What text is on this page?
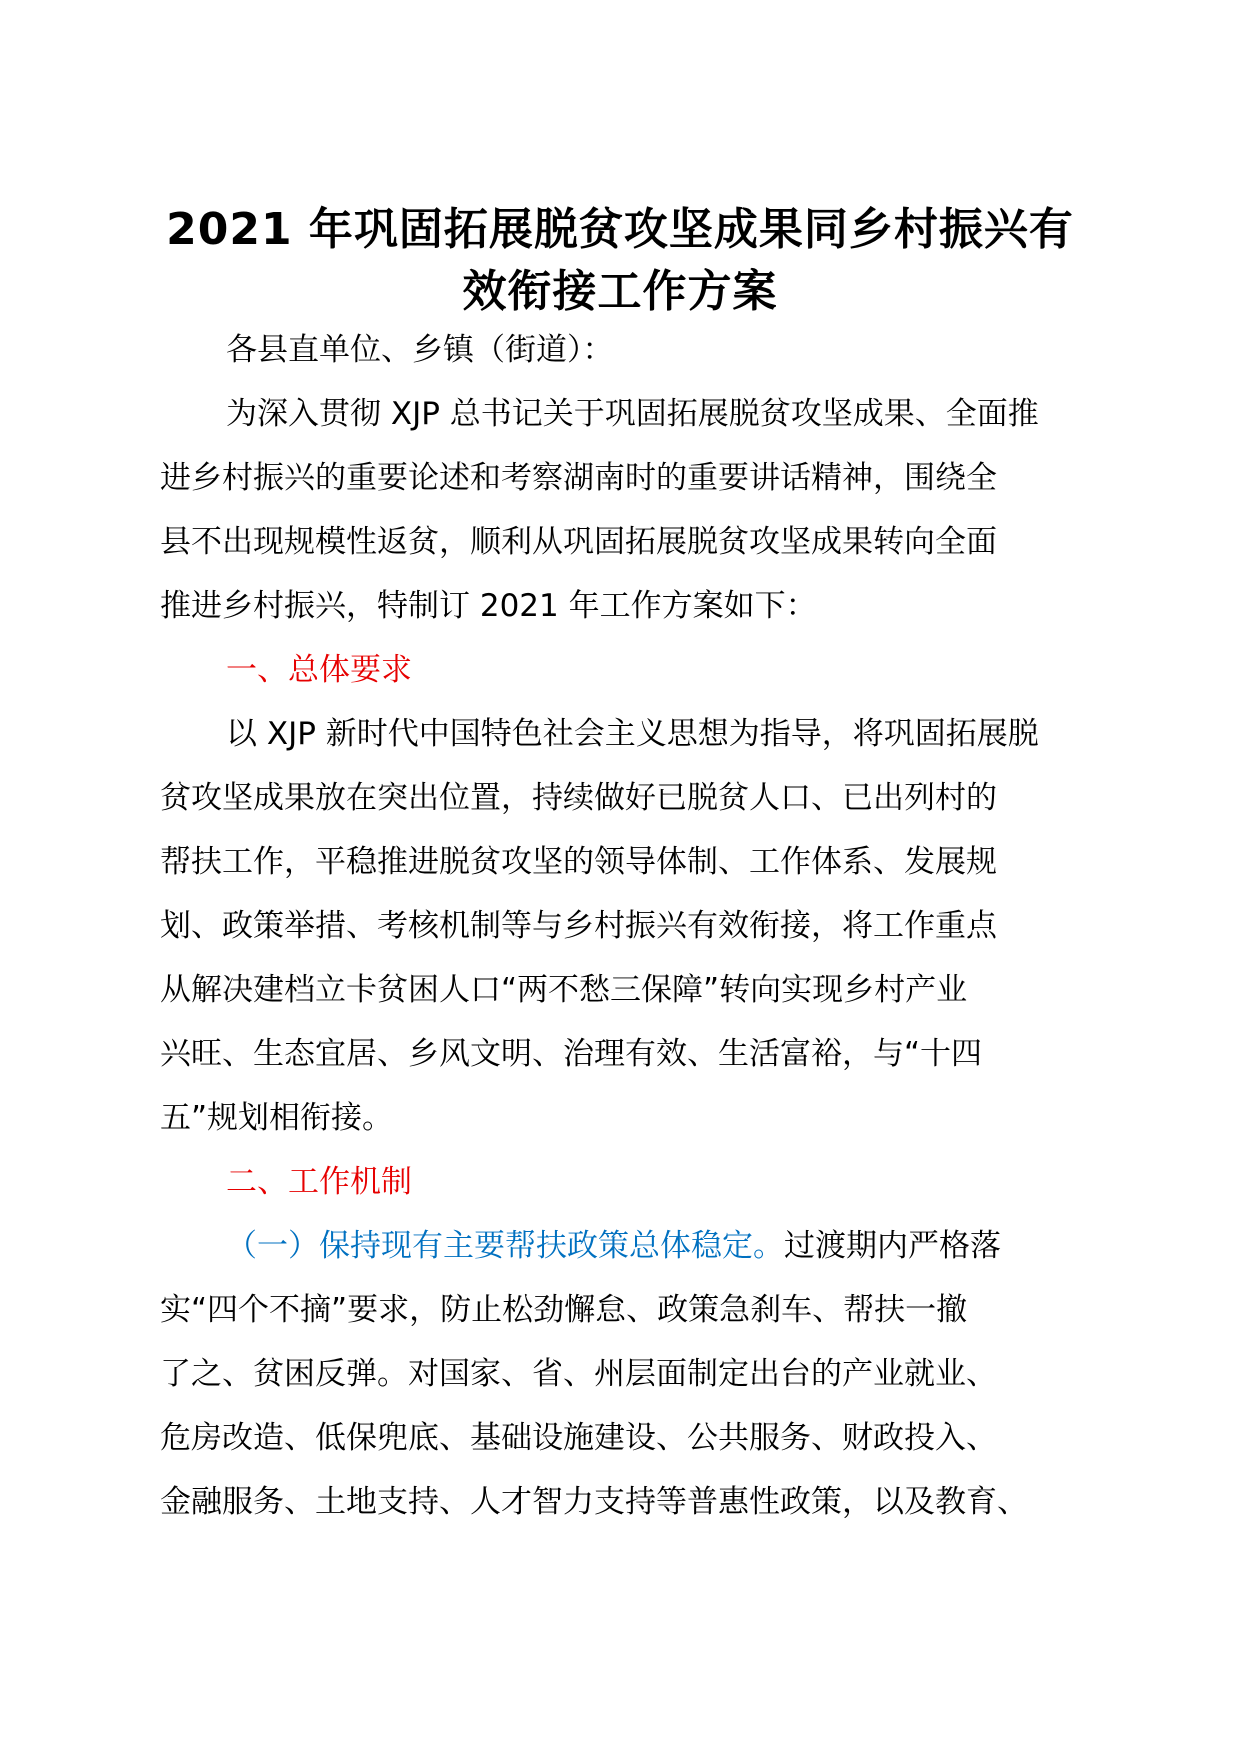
2021 年巩固拓展脱贫攻坚成果同乡村振兴有
效衔接工作方案
各县直单位、乡镇（街道）：
为深入贯彻 XJP 总书记关于巩固拓展脱贫攻坚成果、全面推
进乡村振兴的重要论述和考察湖南时的重要讲话精神，围绕全
县不出现规模性返贫，顺利从巩固拓展脱贫攻坚成果转向全面
推进乡村振兴，特制订 2021 年工作方案如下：
一、总体要求
以 XJP 新时代中国特色社会主义思想为指导，将巩固拓展脱
贫攻坚成果放在突出位置，持续做好已脱贫人口、已出列村的
帮扶工作，平稳推进脱贫攻坚的领导体制、工作体系、发展规
划、政策举措、考核机制等与乡村振兴有效衔接，将工作重点
从解决建档立卡贫困人口“两不愁三保障”转向实现乡村产业
兴旺、生态宜居、乡风文明、治理有效、生活富裕，与“十四
五”规划相衔接。
二、工作机制
（一）保持现有主要帮扶政策总体稳定。过渡期内严格落
实“四个不摘”要求，防止松劲懈怠、政策急刹车、帮扶一撤
了之、贫困反弹。对国家、省、州层面制定出台的产业就业、
危房改造、低保兜底、基础设施建设、公共服务、财政投入、
金融服务、土地支持、人才智力支持等普惠性政策，以及教育、
